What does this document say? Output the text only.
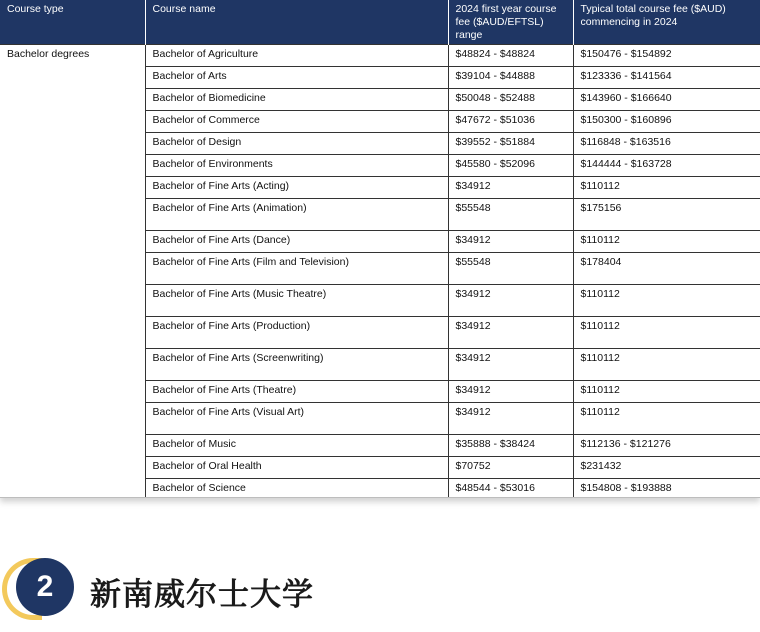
Course type	Course name	2024 first year course fee ($AUD/EFTSL) range	Typical total course fee ($AUD) commencing in 2024
Bachelor degrees	Bachelor of Agriculture	$48824 - $48824	$150476 - $154892
	Bachelor of Arts	$39104 - $44888	$123336 - $141564
	Bachelor of Biomedicine	$50048 - $52488	$143960 - $166640
	Bachelor of Commerce	$47672 - $51036	$150300 - $160896
	Bachelor of Design	$39552 - $51884	$116848 - $163516
	Bachelor of Environments	$45580 - $52096	$144444 - $163728
	Bachelor of Fine Arts (Acting)	$34912	$110112
	Bachelor of Fine Arts (Animation)	$55548	$175156
	Bachelor of Fine Arts (Dance)	$34912	$110112
	Bachelor of Fine Arts (Film and Television)	$55548	$178404
	Bachelor of Fine Arts (Music Theatre)	$34912	$110112
	Bachelor of Fine Arts (Production)	$34912	$110112
	Bachelor of Fine Arts (Screenwriting)	$34912	$110112
	Bachelor of Fine Arts (Theatre)	$34912	$110112
	Bachelor of Fine Arts (Visual Art)	$34912	$110112
	Bachelor of Music	$35888 - $38424	$112136 - $121276
	Bachelor of Oral Health	$70752	$231432
	Bachelor of Science	$48544 - $53016	$154808 - $193888
2	新南威尔士大学
